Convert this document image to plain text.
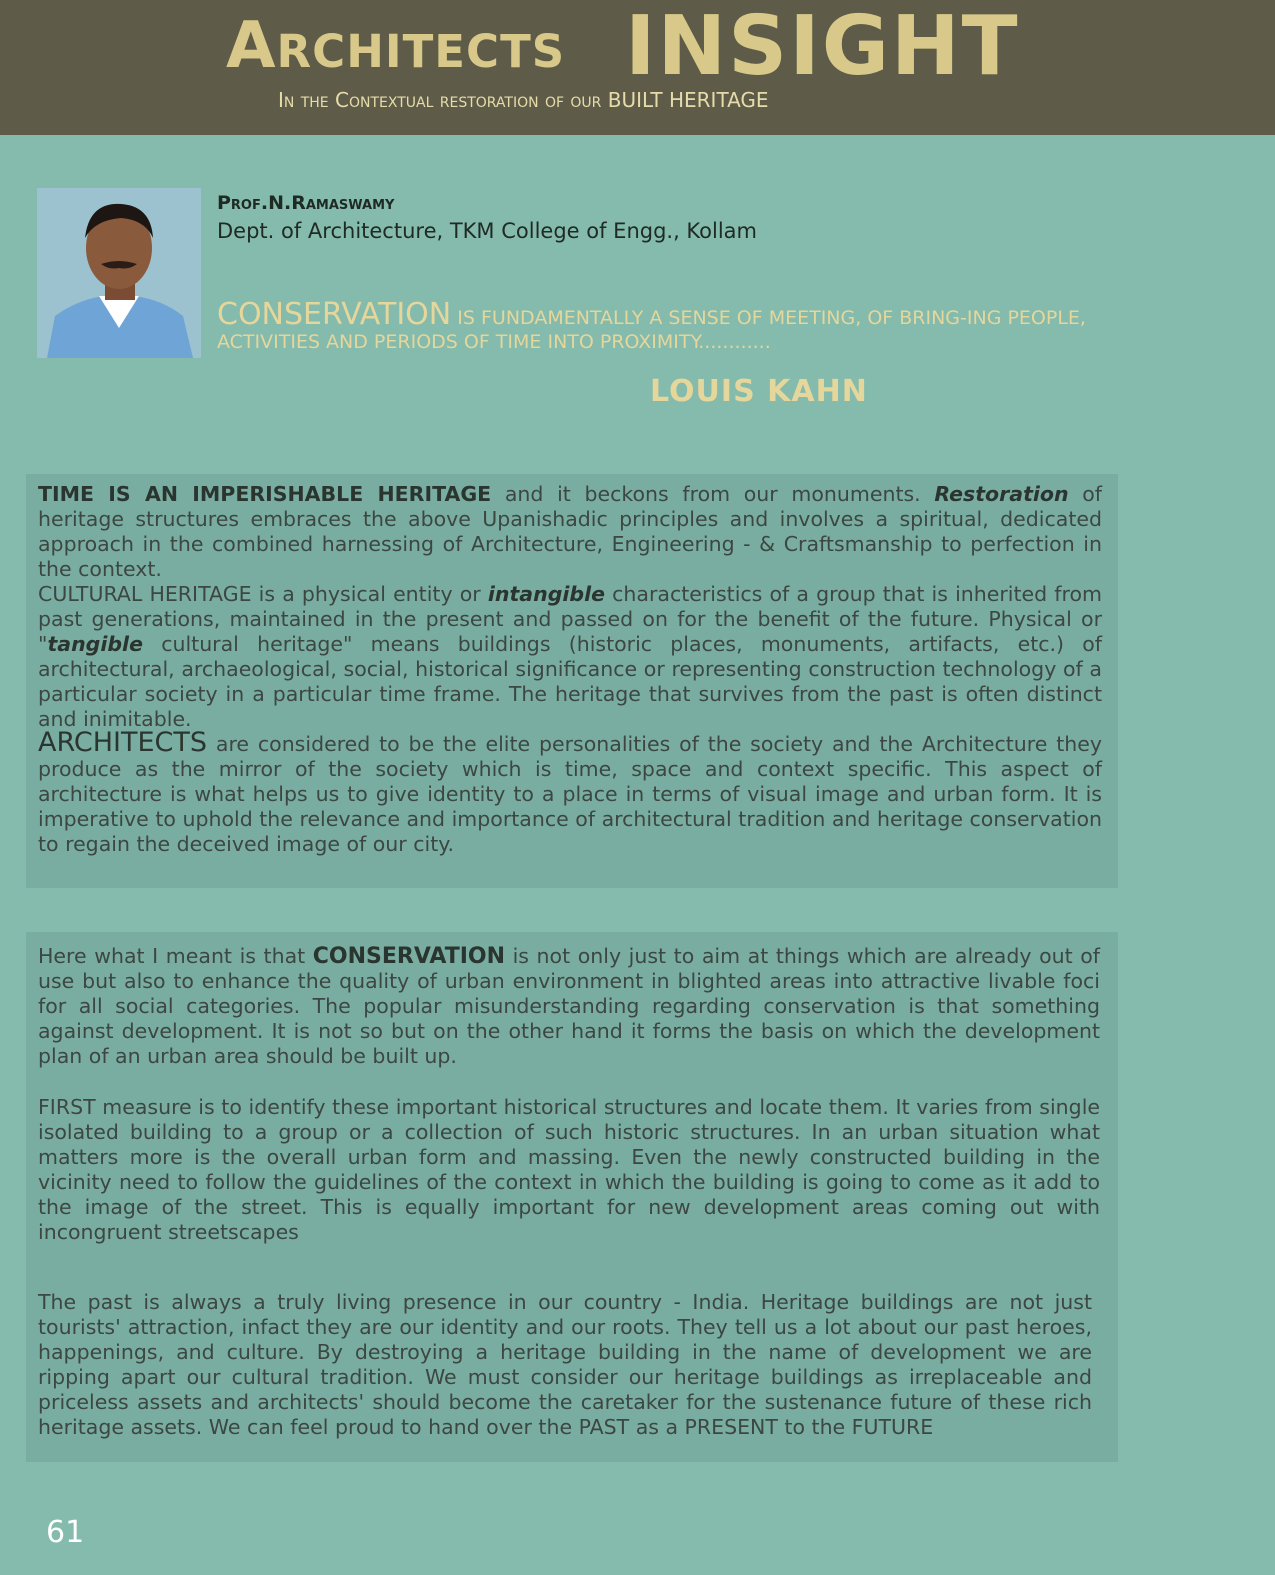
Architects INSIGHT
In the Contextual restoration of our BUILT HERITAGE
Prof.N.Ramaswamy
Dept. of Architecture, TKM College of Engg., Kollam
CONSERVATION IS FUNDAMENTALLY A SENSE OF MEETING, OF BRING-ING PEOPLE, ACTIVITIES AND PERIODS OF TIME INTO PROXIMITY............
LOUIS KAHN
TIME IS AN IMPERISHABLE HERITAGE and it beckons from our monuments. Restoration of heritage structures embraces the above Upanishadic principles and involves a spiritual, dedicated approach in the combined harnessing of Architecture, Engineering - & Craftsmanship to perfection in the context.
CULTURAL HERITAGE is a physical entity or intangible characteristics of a group that is inherited from past generations, maintained in the present and passed on for the benefit of the future. Physical or "tangible cultural heritage" means buildings (historic places, monuments, artifacts, etc.) of architectural, archaeological, social, historical significance or representing construction technology of a particular society in a particular time frame. The heritage that survives from the past is often distinct and inimitable.
ARCHITECTS are considered to be the elite personalities of the society and the Architecture they produce as the mirror of the society which is time, space and context specific. This aspect of architecture is what helps us to give identity to a place in terms of visual image and urban form. It is imperative to uphold the relevance and importance of architectural tradition and heritage conservation to regain the deceived image of our city.
Here what I meant is that CONSERVATION is not only just to aim at things which are already out of use but also to enhance the quality of urban environment in blighted areas into attractive livable foci for all social categories. The popular misunderstanding regarding conservation is that something against development. It is not so but on the other hand it forms the basis on which the development plan of an urban area should be built up.
FIRST measure is to identify these important historical structures and locate them. It varies from single isolated building to a group or a collection of such historic structures. In an urban situation what matters more is the overall urban form and massing. Even the newly constructed building in the vicinity need to follow the guidelines of the context in which the building is going to come as it add to the image of the street. This is equally important for new development areas coming out with incongruent streetscapes
The past is always a truly living presence in our country - India. Heritage buildings are not just tourists' attraction, infact they are our identity and our roots. They tell us a lot about our past heroes, happenings, and culture. By destroying a heritage building in the name of development we are ripping apart our cultural tradition. We must consider our heritage buildings as irreplaceable and priceless assets and architects' should become the caretaker for the sustenance future of these rich heritage assets. We can feel proud to hand over the PAST as a PRESENT to the FUTURE
61
